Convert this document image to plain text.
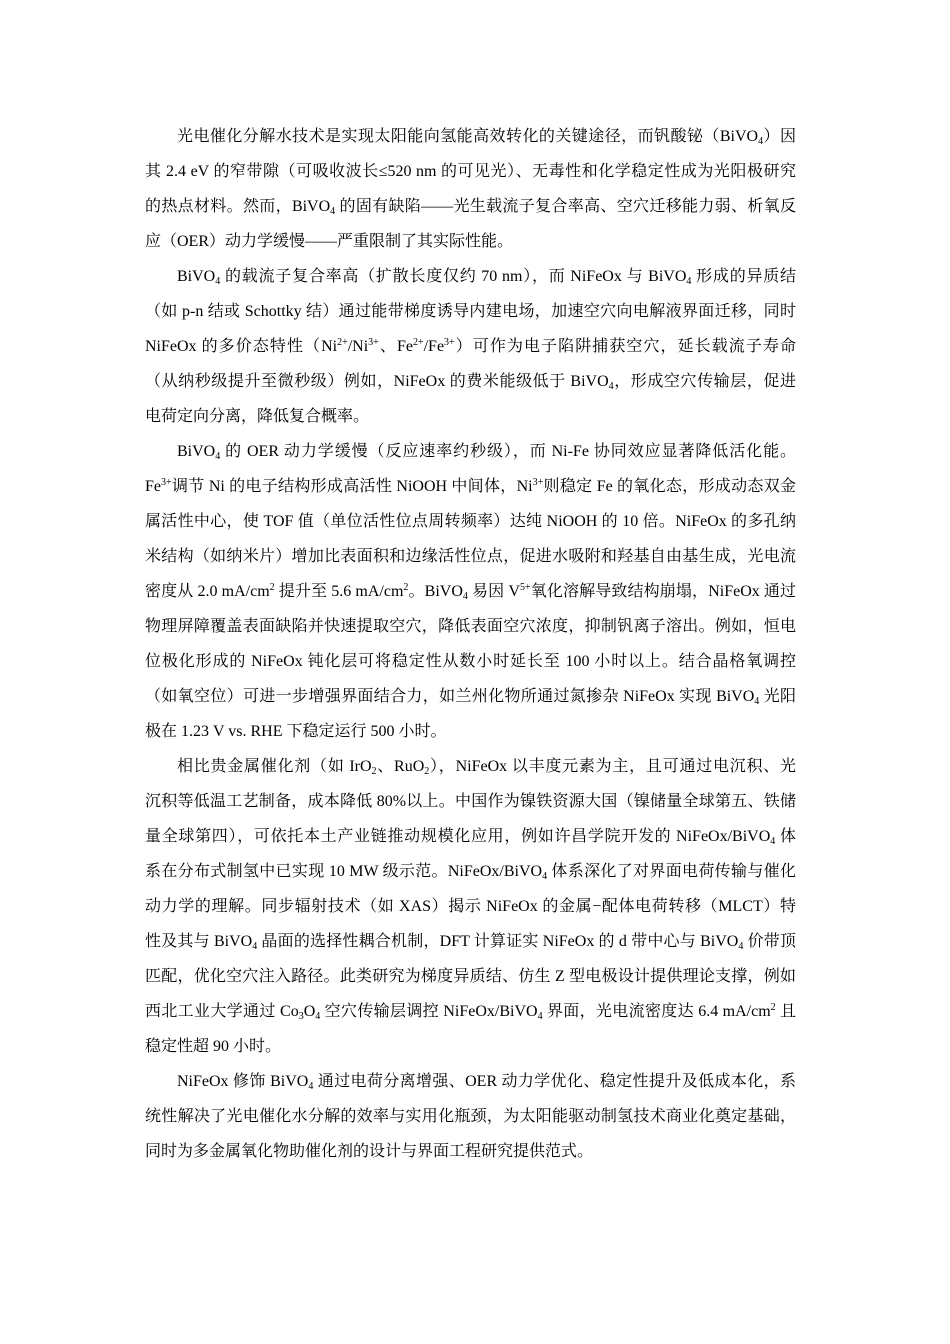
光电催化分解水技术是实现太阳能向氢能高效转化的关键途径，而钒酸铋（BiVO$_4$）因
其 2.4 eV 的窄带隙（可吸收波长≤520 nm 的可见光）、无毒性和化学稳定性成为光阳极研究
的热点材料。然而，BiVO$_4$ 的固有缺陷——光生载流子复合率高、空穴迁移能力弱、析氧反
应（OER）动力学缓慢——严重限制了其实际性能。
BiVO$_4$ 的载流子复合率高（扩散长度仅约 70 nm），而 NiFeOx 与 BiVO$_4$ 形成的异质结
（如 p-n 结或 Schottky 结）通过能带梯度诱导内建电场，加速空穴向电解液界面迁移，同时
NiFeOx 的多价态特性（$Ni^{2+}/Ni^{3+}$、$Fe^{2+}/Fe^{3+}$）可作为电子陷阱捕获空穴，延长载流子寿命
（从纳秒级提升至微秒级）例如，NiFeOx 的费米能级低于 BiVO$_4$，形成空穴传输层，促进
电荷定向分离，降低复合概率。
BiVO$_4$ 的 OER 动力学缓慢（反应速率约秒级），而 Ni-Fe 协同效应显著降低活化能。
$Fe^{3+}$调节 Ni 的电子结构形成高活性 NiOOH 中间体，$Ni^{3+}$则稳定 Fe 的氧化态，形成动态双金
属活性中心，使 TOF 值（单位活性位点周转频率）达纯 NiOOH 的 10 倍。NiFeOx 的多孔纳
米结构（如纳米片）增加比表面积和边缘活性位点，促进水吸附和羟基自由基生成，光电流
密度从 2.0 $mA/cm^2$ 提升至 5.6 $mA/cm^2$。BiVO$_4$ 易因 $V^{5+}$氧化溶解导致结构崩塌，NiFeOx 通过
物理屏障覆盖表面缺陷并快速提取空穴，降低表面空穴浓度，抑制钒离子溶出。例如，恒电
位极化形成的 NiFeOx 钝化层可将稳定性从数小时延长至 100 小时以上。结合晶格氧调控
（如氧空位）可进一步增强界面结合力，如兰州化物所通过氮掺杂 NiFeOx 实现 BiVO$_4$ 光阳
极在 1.23 V vs. RHE 下稳定运行 500 小时。
相比贵金属催化剂（如 IrO$_2$、RuO$_2$），NiFeOx 以丰度元素为主，且可通过电沉积、光
沉积等低温工艺制备，成本降低 80%以上。中国作为镍铁资源大国（镍储量全球第五、铁储
量全球第四），可依托本土产业链推动规模化应用，例如许昌学院开发的 NiFeOx/BiVO$_4$ 体
系在分布式制氢中已实现 10 MW 级示范。NiFeOx/BiVO$_4$ 体系深化了对界面电荷传输与催化
动力学的理解。同步辐射技术（如 XAS）揭示 NiFeOx 的金属−配体电荷转移（MLCT）特
性及其与 BiVO$_4$ 晶面的选择性耦合机制，DFT 计算证实 NiFeOx 的 d 带中心与 BiVO$_4$ 价带顶
匹配，优化空穴注入路径。此类研究为梯度异质结、仿生 Z 型电极设计提供理论支撑，例如
西北工业大学通过 $Co_3O_4$ 空穴传输层调控 NiFeOx/BiVO$_4$ 界面，光电流密度达 6.4 $mA/cm^2$ 且
稳定性超 90 小时。
NiFeOx 修饰 BiVO$_4$ 通过电荷分离增强、OER 动力学优化、稳定性提升及低成本化，系
统性解决了光电催化水分解的效率与实用化瓶颈，为太阳能驱动制氢技术商业化奠定基础，
同时为多金属氧化物助催化剂的设计与界面工程研究提供范式。
